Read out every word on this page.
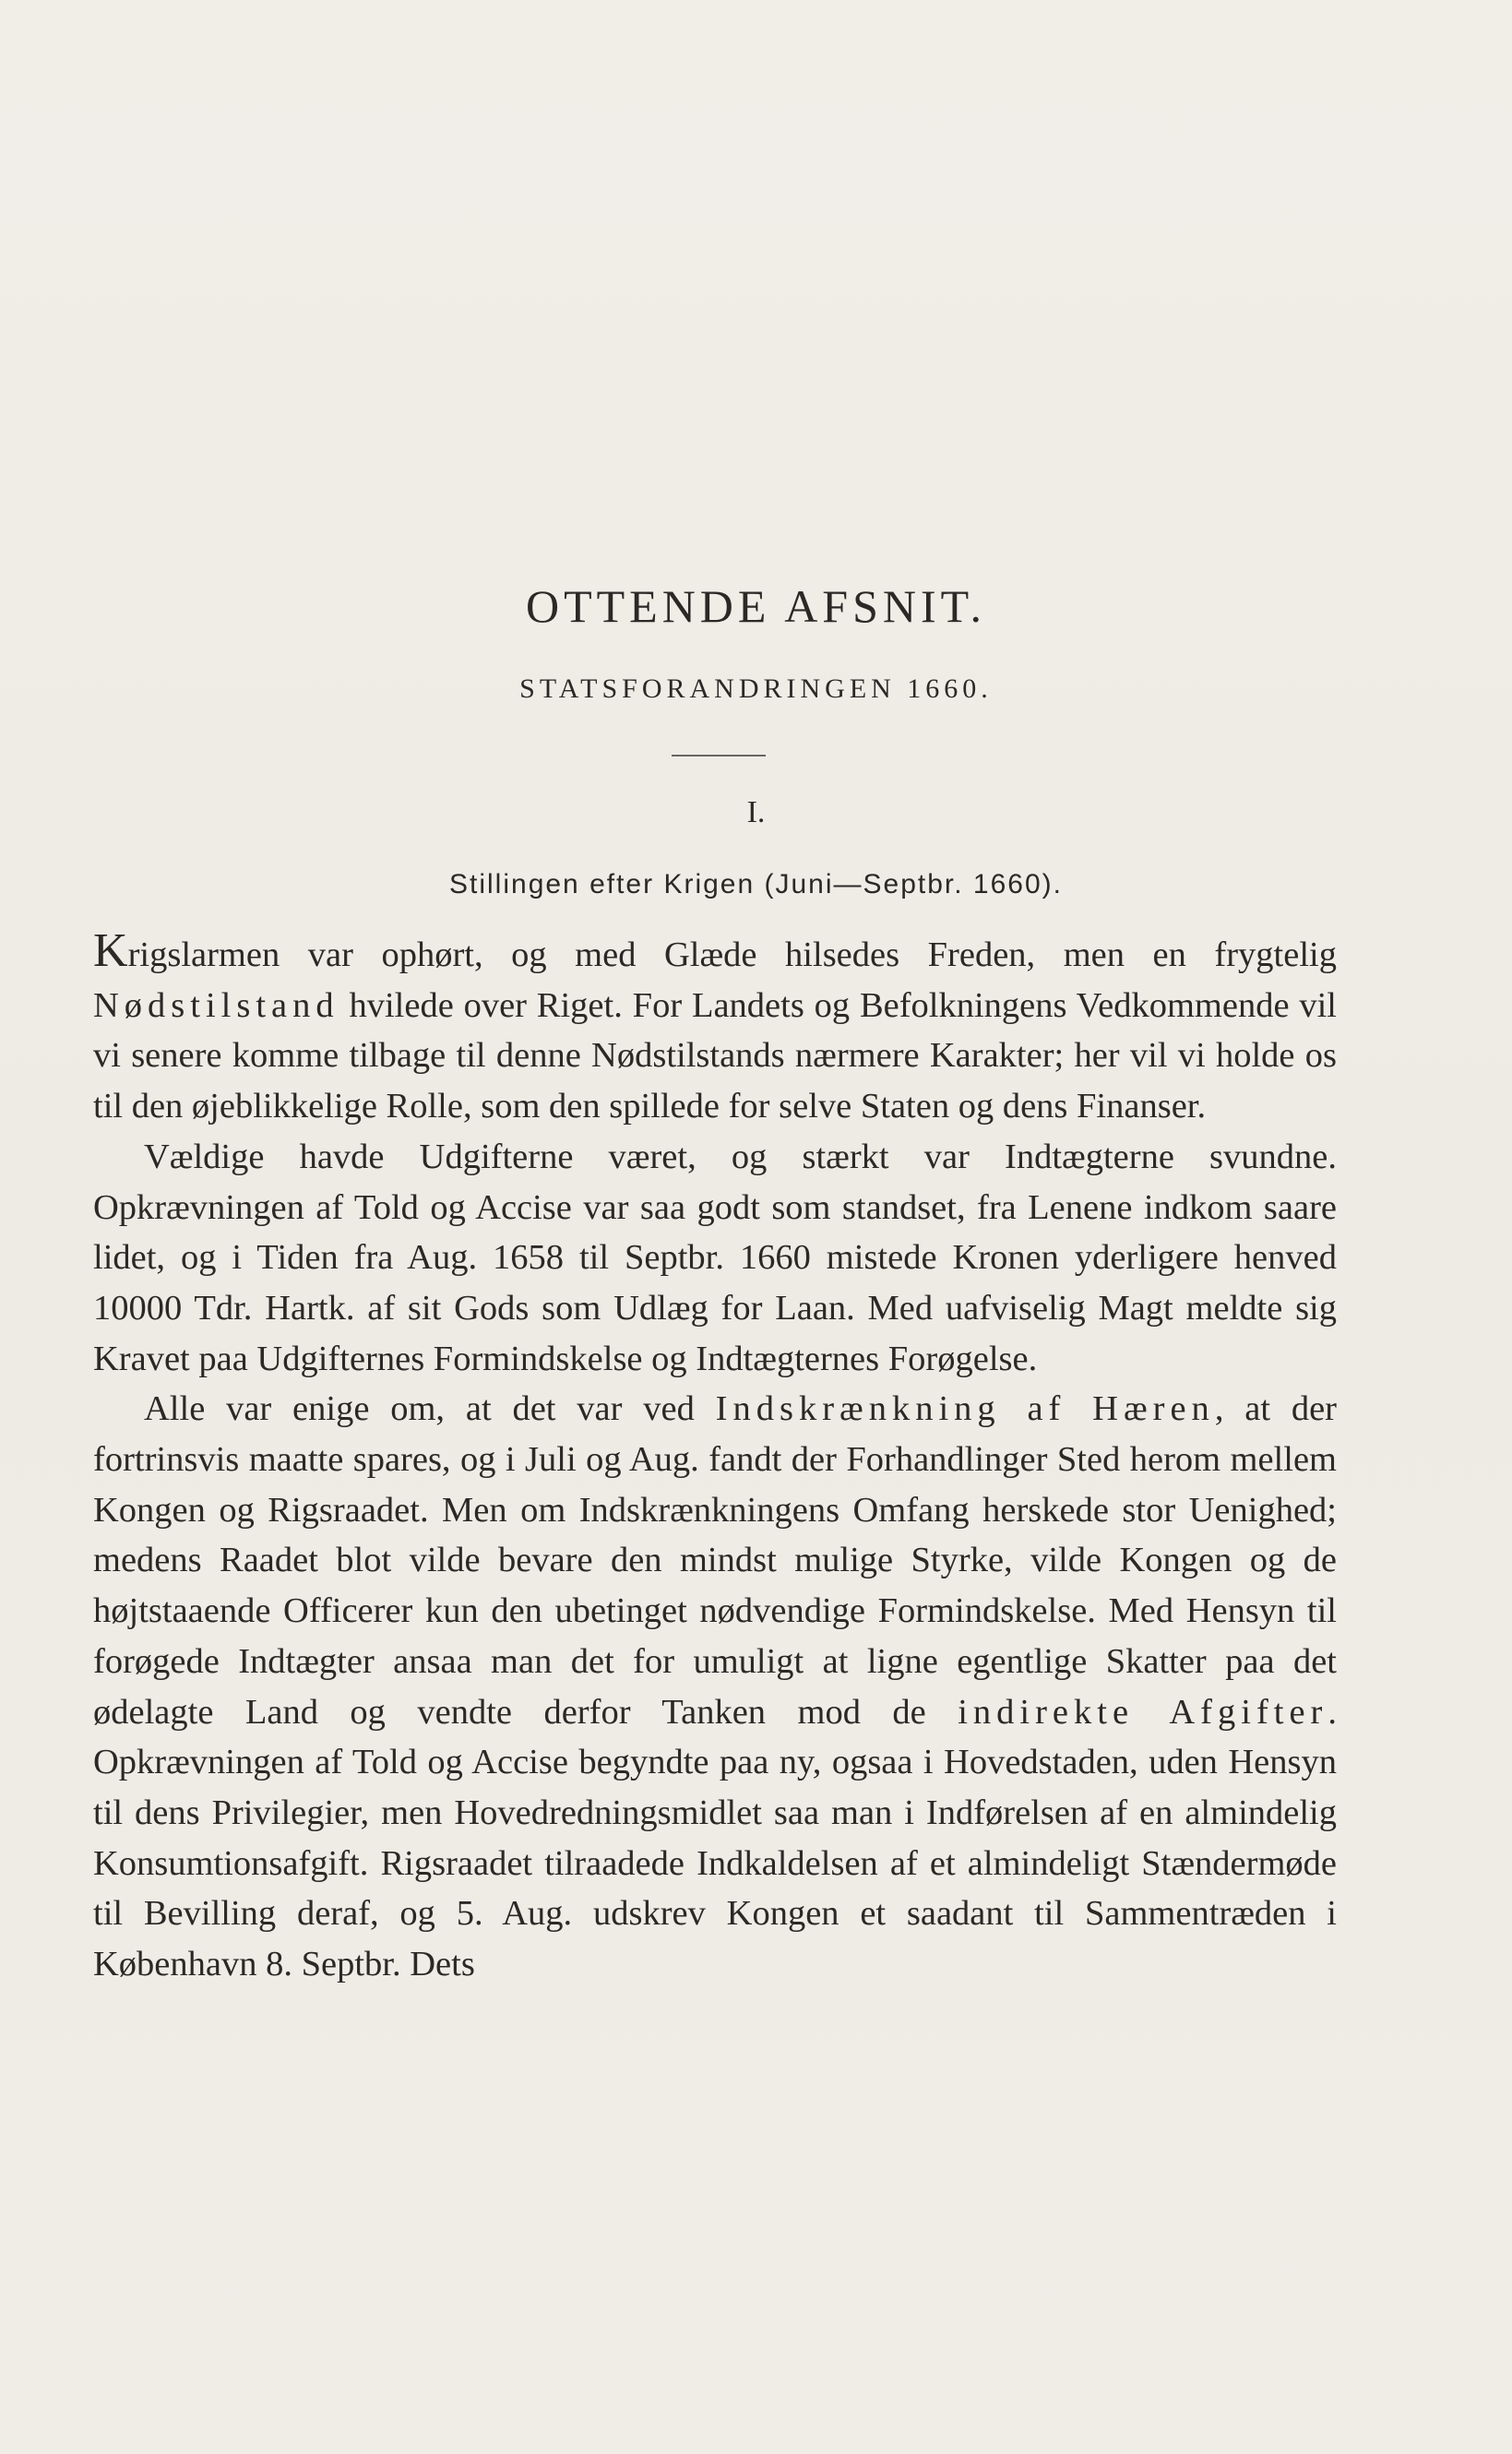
OTTENDE AFSNIT.
STATSFORANDRINGEN 1660.
I.
Stillingen efter Krigen (Juni—Septbr. 1660).

Krigslarmen var ophørt, og med Glæde hilsedes Freden, men en frygtelig Nødstilstand hvilede over Riget. For Landets og Befolkningens Vedkommende vil vi senere komme tilbage til denne Nødstilstands nærmere Karakter; her vil vi holde os til den øjeblikkelige Rolle, som den spillede for selve Staten og dens Finanser.

Vældige havde Udgifterne været, og stærkt var Indtægterne svundne. Opkrævningen af Told og Accise var saa godt som standset, fra Lenene indkom saare lidet, og i Tiden fra Aug. 1658 til Septbr. 1660 mistede Kronen yderligere henved 10000 Tdr. Hartk. af sit Gods som Udlæg for Laan. Med uafviselig Magt meldte sig Kravet paa Udgifternes Formindskelse og Indtægternes Forøgelse.

Alle var enige om, at det var ved Indskrænkning af Hæren, at der fortrinsvis maatte spares, og i Juli og Aug. fandt der Forhandlinger Sted herom mellem Kongen og Rigsraadet. Men om Indskrænkningens Omfang herskede stor Uenighed; medens Raadet blot vilde bevare den mindst mulige Styrke, vilde Kongen og de højtstaaende Officerer kun den ubetinget nødvendige Formindskelse. Med Hensyn til forøgede Indtægter ansaa man det for umuligt at ligne egentlige Skatter paa det ødelagte Land og vendte derfor Tanken mod de indirekte Afgifter. Opkrævningen af Told og Accise begyndte paa ny, ogsaa i Hovedstaden, uden Hensyn til dens Privilegier, men Hovedredningsmidlet saa man i Indførelsen af en almindelig Konsumtionsafgift. Rigsraadet tilraadede Indkaldelsen af et almindeligt Stændermøde til Bevilling deraf, og 5. Aug. udskrev Kongen et saadant til Sammentræden i København 8. Septbr. Dets
